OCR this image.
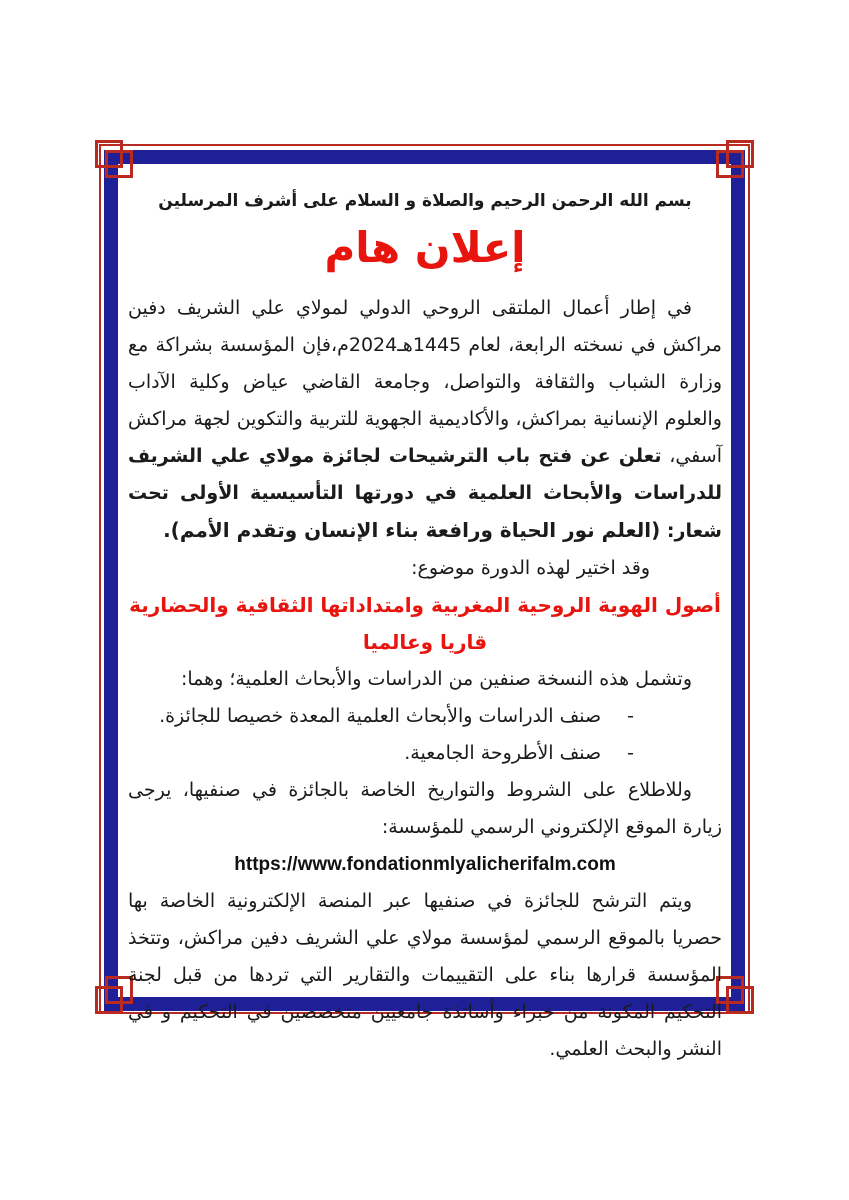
بسم الله الرحمن الرحيم والصلاة و السلام على أشرف المرسلين
إعلان هام
في إطار أعمال الملتقى الروحي الدولي لمولاي علي الشريف دفين مراكش في نسخته الرابعة، لعام 1445هـ2024م،فإن المؤسسة بشراكة مع وزارة الشباب والثقافة والتواصل، وجامعة القاضي عياض وكلية الآداب والعلوم الإنسانية بمراكش، والأكاديمية الجهوية للتربية والتكوين لجهة مراكش آسفي، تعلن عن فتح باب الترشيحات لجائزة مولاي علي الشريف للدراسات والأبحاث العلمية في دورتها التأسيسية الأولى تحت شعار: (العلم نور الحياة ورافعة بناء الإنسان وتقدم الأمم).
وقد اختير لهذه الدورة موضوع:
أصول الهوية الروحية المغربية وامتداداتها الثقافية والحضارية قاريا وعالميا
وتشمل هذه النسخة صنفين من الدراسات والأبحاث العلمية؛ وهما:
-صنف الدراسات والأبحاث العلمية المعدة خصيصا للجائزة.
-صنف الأطروحة الجامعية.
وللاطلاع على الشروط والتواريخ الخاصة بالجائزة في صنفيها، يرجى زيارة الموقع الإلكتروني الرسمي للمؤسسة:
https://www.fondationmlyalicherifalm.com
ويتم الترشح للجائزة في صنفيها عبر المنصة الإلكترونية الخاصة بها حصريا بالموقع الرسمي لمؤسسة مولاي علي الشريف دفين مراكش، وتتخذ المؤسسة قرارها بناء على التقييمات والتقارير التي تردها من قبل لجنة التحكيم المكونة من خبراء وأساتذة جامعيين متخصصين في التحكيم و في النشر والبحث العلمي.
